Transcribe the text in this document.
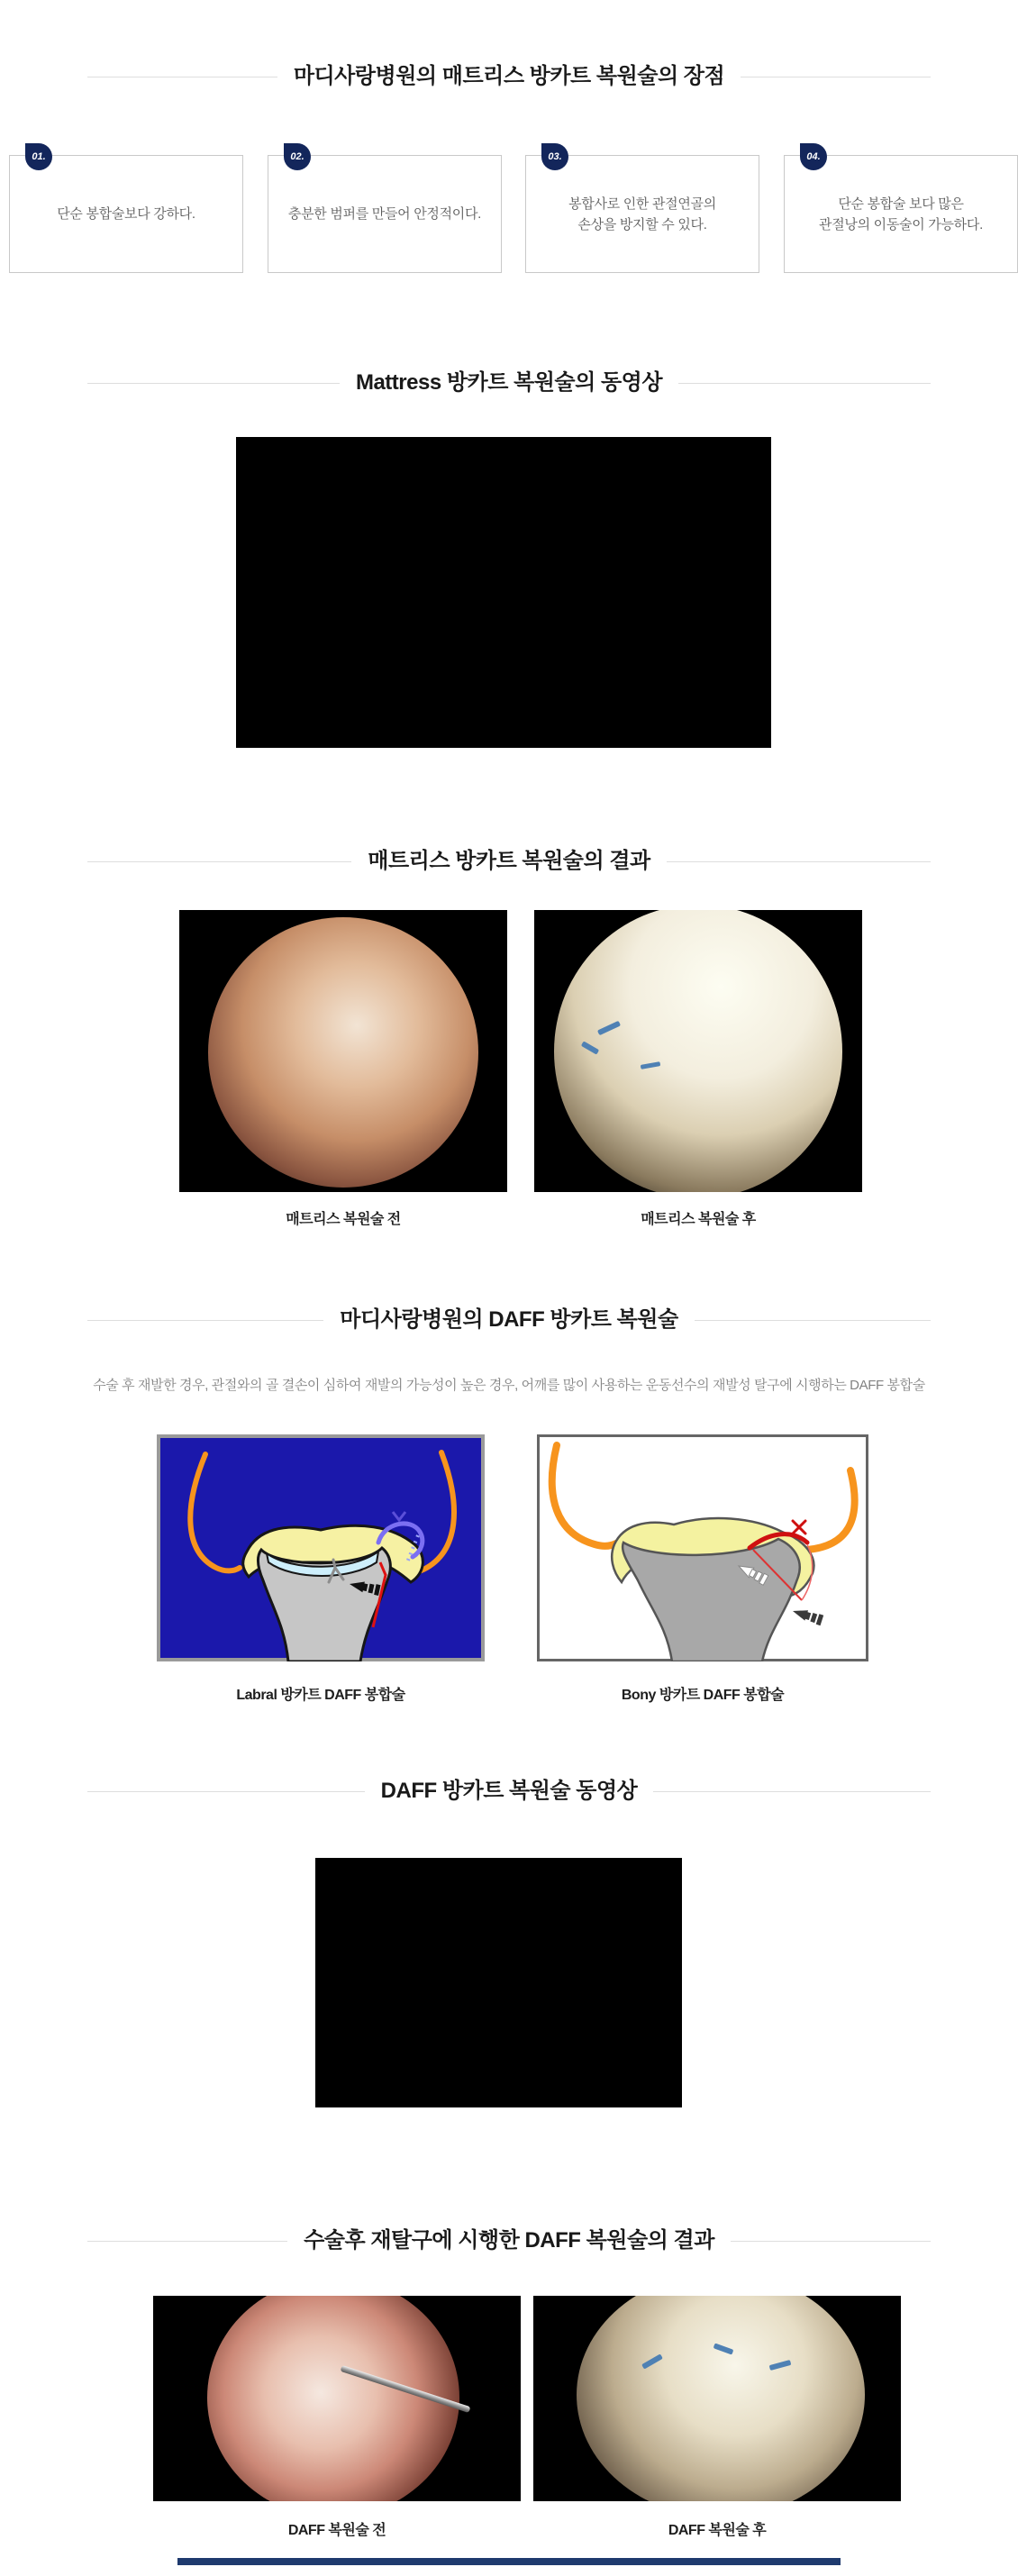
마디사랑병원의 매트리스 방카트 복원술의 장점
01.
단순 봉합술보다 강하다.
02.
충분한 범퍼를 만들어 안정적이다.
03.
봉합사로 인한 관절연골의
손상을 방지할 수 있다.
04.
단순 봉합술 보다 많은
관절낭의 이동술이 가능하다.
Mattress 방카트 복원술의 동영상
매트리스 방카트 복원술의 결과
매트리스 복원술 전	매트리스 복원술 후
마디사랑병원의 DAFF 방카트 복원술
수술 후 재발한 경우, 관절와의 골 결손이 심하여 재발의 가능성이 높은 경우, 어깨를 많이 사용하는 운동선수의 재발성 탈구에 시행하는 DAFF 봉합술
Labral 방카트 DAFF 봉합술	Bony 방카트 DAFF 봉합술
DAFF 방카트 복원술 동영상
수술후 재탈구에 시행한 DAFF 복원술의 결과
DAFF 복원술 전	DAFF 복원술 후
